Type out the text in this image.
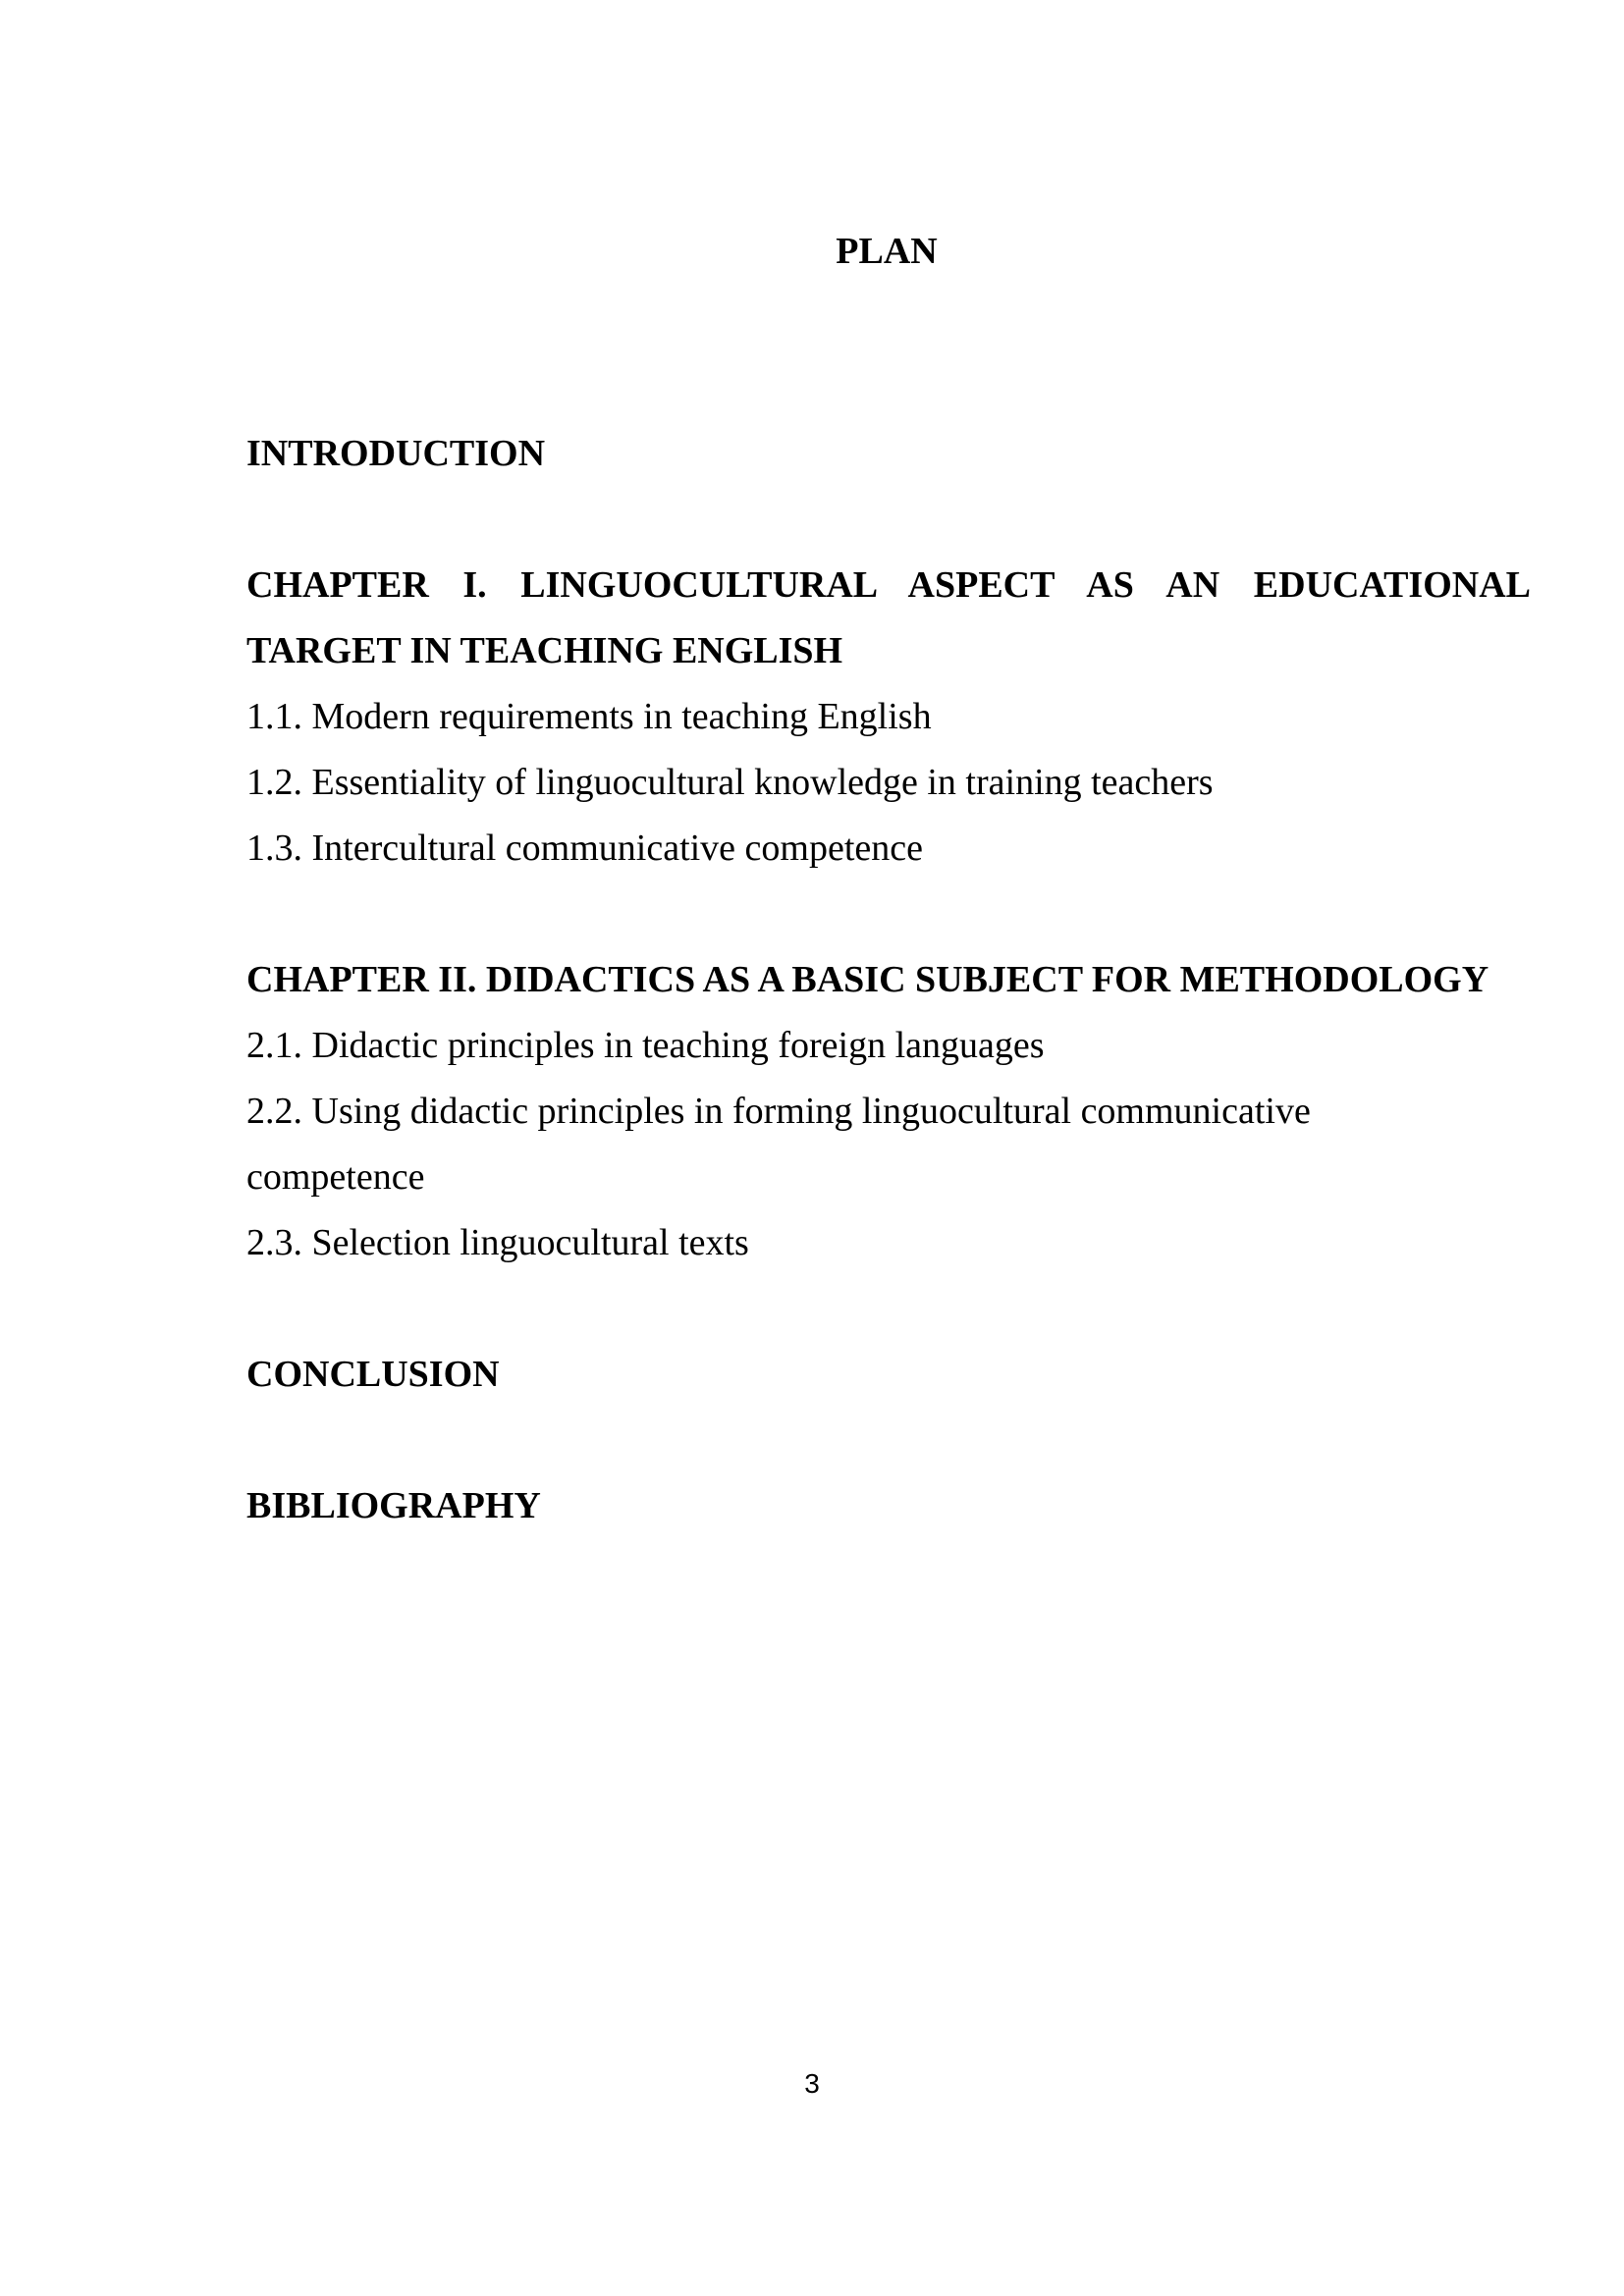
PLAN

INTRODUCTION

CHAPTER I. LINGUOCULTURAL ASPECT AS AN EDUCATIONAL

TARGET IN TEACHING ENGLISH

1.1. Modern requirements in teaching English

1.2. Essentiality of linguocultural knowledge in training teachers

1.3. Intercultural communicative competence

CHAPTER II. DIDACTICS AS A BASIC SUBJECT FOR METHODOLOGY

2.1. Didactic principles in teaching foreign languages

2.2. Using didactic principles in forming linguocultural communicative

competence

2.3. Selection linguocultural texts

CONCLUSION

BIBLIOGRAPHY

3
